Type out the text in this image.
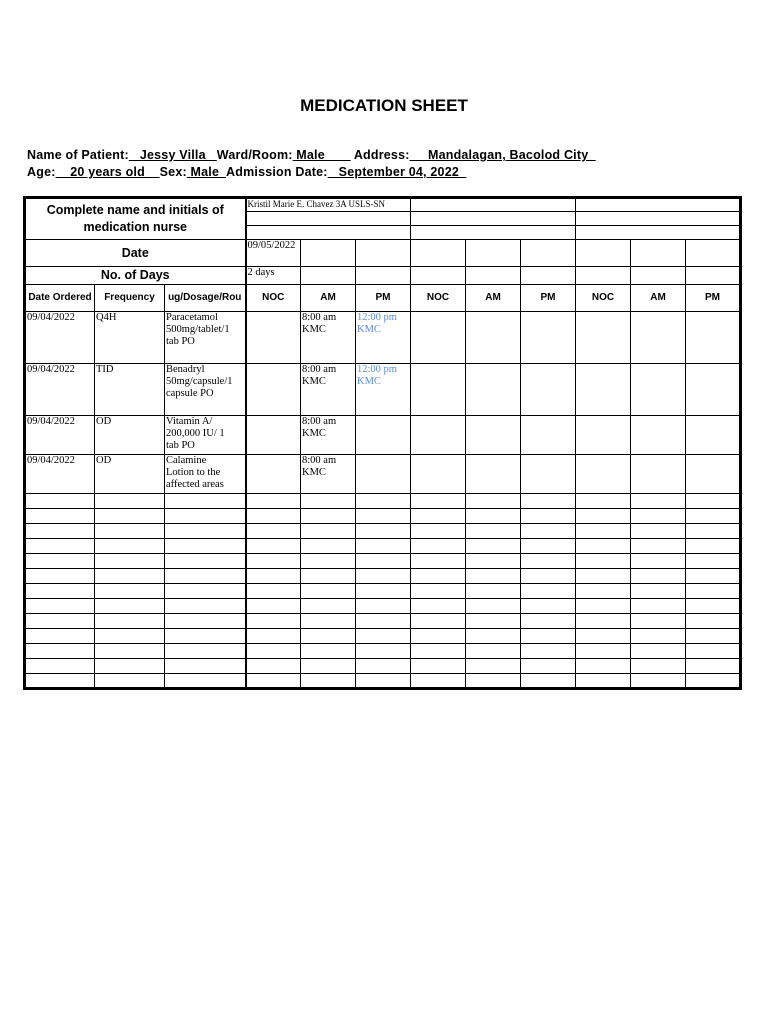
MEDICATION SHEET
Name of Patient:   Jessy Villa   Ward/Room: Male        Address:     Mandalagan, Bacolod City
Age:    20 years old    Sex: Male  Admission Date:   September 04, 2022
Complete name and initials of medication nurse			Kristil Marie E. Chavez 3A USLS-SN								

Date			09/05/2022								
No. of Days			2 days								
Date Ordered	Frequency	ug/Dosage/Rou	NOC	AM	PM	NOC	AM	PM	NOC	AM	PM
09/04/2022	Q4H	Paracetamol
500mg/tablet/1
tab PO		8:00 am
KMC	12:00 pm
KMC						
09/04/2022	TID	Benadryl
50mg/capsule/1
capsule PO		8:00 am
KMC	12:00 pm
KMC						
09/04/2022	OD	Vitamin A/
200,000 IU/ 1
tab PO		8:00 am
KMC							
09/04/2022	OD	Calamine
Lotion to the
affected areas		8:00 am
KMC							
